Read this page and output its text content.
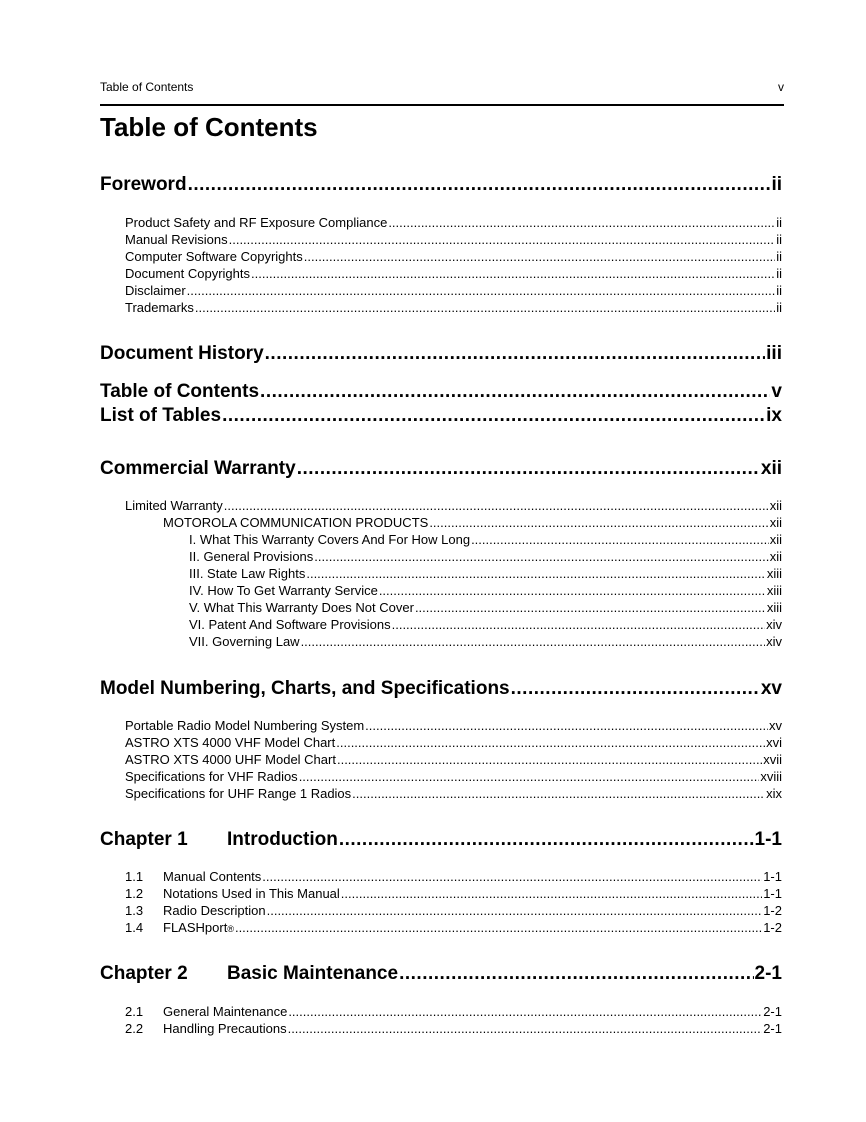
Table of Contents	v
Table of Contents
Foreword .....	ii
Product Safety and RF Exposure Compliance .....	ii
Manual Revisions .....	ii
Computer Software Copyrights .....	ii
Document Copyrights .....	ii
Disclaimer .....	ii
Trademarks .....	ii
Document History .....	iii
Table of Contents .....	v
List of Tables .....	ix
Commercial Warranty .....	xii
Limited Warranty .....	xii
MOTOROLA COMMUNICATION PRODUCTS .....	xii
I. What This Warranty Covers And For How Long .....	xii
II. General Provisions .....	xii
III. State Law Rights .....	xiii
IV. How To Get Warranty Service .....	xiii
V. What This Warranty Does Not Cover .....	xiii
VI. Patent And Software Provisions .....	xiv
VII. Governing Law .....	xiv
Model Numbering, Charts, and Specifications .....	xv
Portable Radio Model Numbering System .....	xv
ASTRO XTS 4000 VHF Model Chart .....	xvi
ASTRO XTS 4000 UHF Model Chart .....	xvii
Specifications for VHF Radios .....	xviii
Specifications for UHF Range 1 Radios .....	xix
Chapter 1	Introduction .....	1-1
1.1	Manual Contents .....	1-1
1.2	Notations Used in This Manual .....	1-1
1.3	Radio Description .....	1-2
1.4	FLASHport ® .....	1-2
Chapter 2	Basic Maintenance .....	2-1
2.1	General Maintenance .....	2-1
2.2	Handling Precautions .....	2-1
